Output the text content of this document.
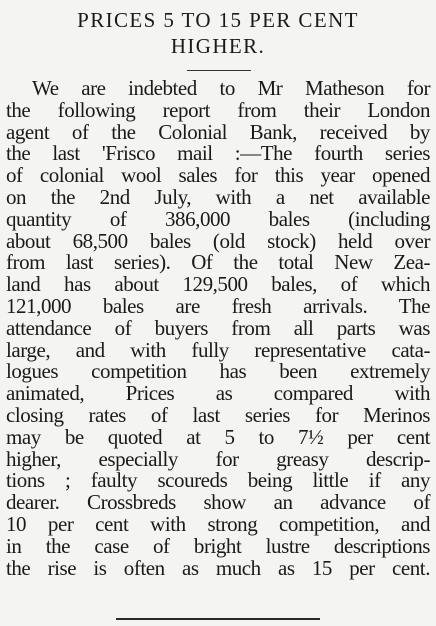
PRICES 5 TO 15 PER CENT
HIGHER.
We are indebted to Mr Matheson for
the following report from their London
agent of the Colonial Bank, received by
the last 'Frisco mail :—The fourth series
of colonial wool sales for this year opened
on the 2nd July, with a net available
quantity of 386,000 bales (including
about 68,500 bales (old stock) held over
from last series). Of the total New Zea-
land has about 129,500 bales, of which
121,000 bales are fresh arrivals. The
attendance of buyers from all parts was
large, and with fully representative cata-
logues competition has been extremely
animated, Prices as compared with
closing rates of last series for Merinos
may be quoted at 5 to 7½ per cent
higher, especially for greasy descrip-
tions ; faulty scoureds being little if any
dearer. Crossbreds show an advance of
10 per cent with strong competition, and
in the case of bright lustre descriptions
the rise is often as much as 15 per cent.
